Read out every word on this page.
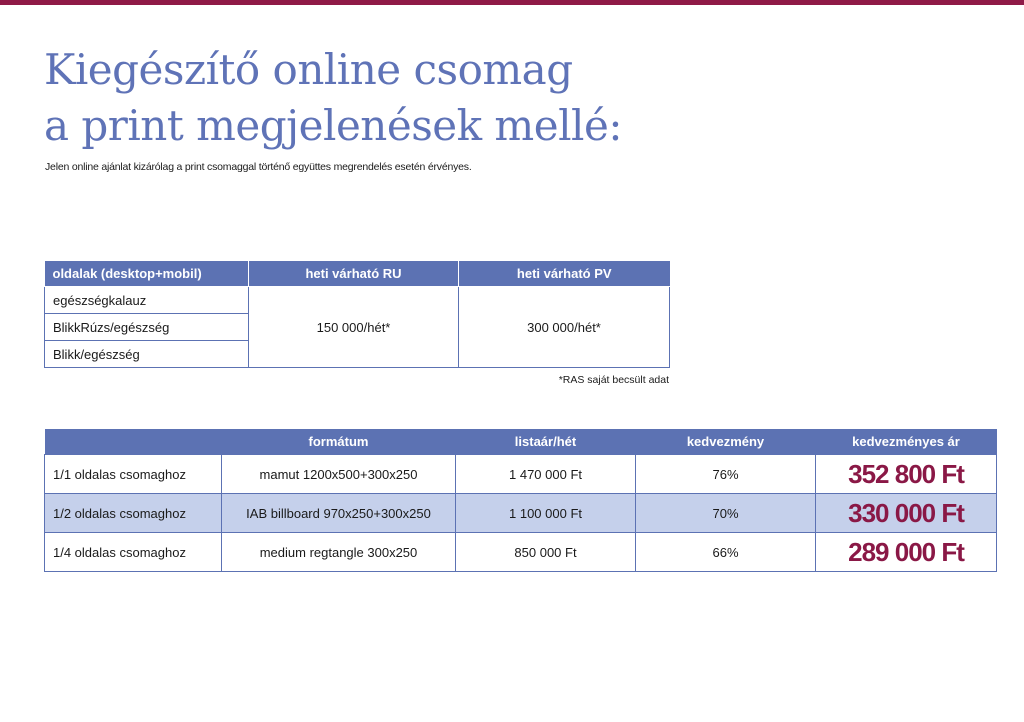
Kiegészítő online csomag
a print megjelenések mellé:
Jelen online ajánlat kizárólag a print csomaggal történő együttes megrendelés esetén érvényes.
oldalak (desktop+mobil)	heti várható RU	heti várható PV
egészségkalauz	150 000/hét*	300 000/hét*
BlikkRúzs/egészség		
Blikk/egészség		
*RAS saját becsült adat
	formátum	listaár/hét	kedvezmény	kedvezményes ár
1/1 oldalas csomaghoz	mamut 1200x500+300x250	1 470 000 Ft	76%	352 800 Ft
1/2 oldalas csomaghoz	IAB billboard 970x250+300x250	1 100 000 Ft	70%	330 000 Ft
1/4 oldalas csomaghoz	medium regtangle 300x250	850 000 Ft	66%	289 000 Ft
